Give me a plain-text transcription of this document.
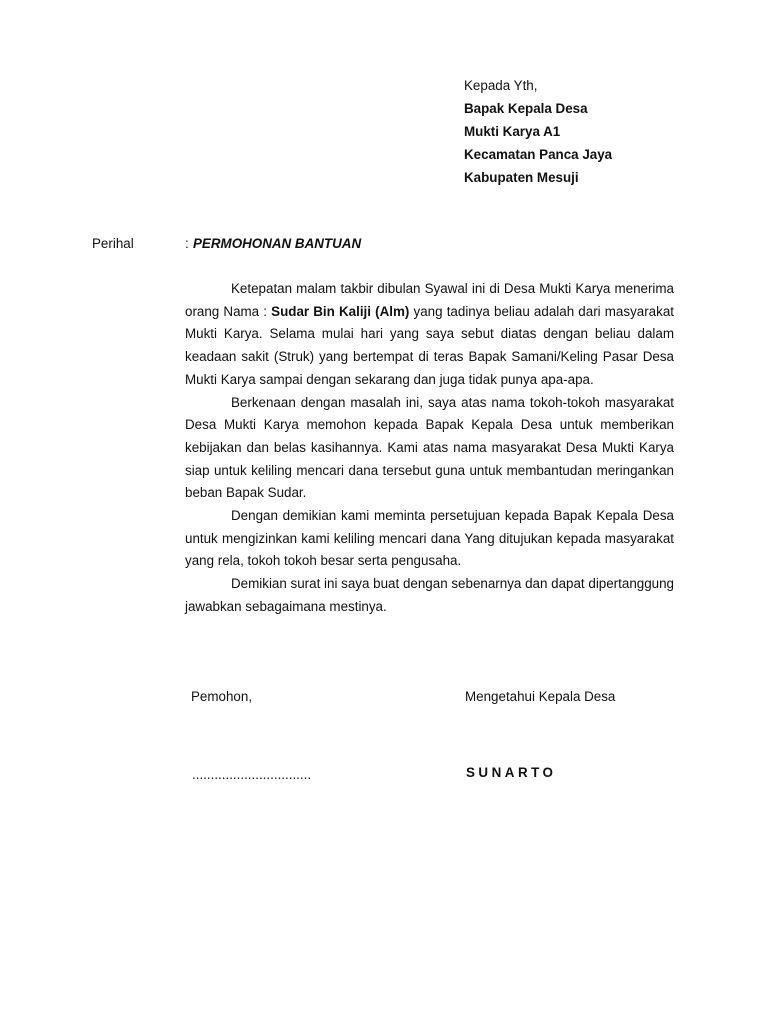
Kepada Yth,
Bapak Kepala Desa
Mukti Karya A1
Kecamatan Panca Jaya
Kabupaten Mesuji
Perihal	: PERMOHONAN BANTUAN

Ketepatan malam takbir dibulan Syawal ini di Desa Mukti Karya menerima orang Nama : Sudar Bin Kaliji (Alm) yang tadinya beliau adalah dari masyarakat Mukti Karya. Selama mulai hari yang saya sebut diatas dengan beliau dalam keadaan sakit (Struk) yang bertempat di teras Bapak Samani/Keling Pasar Desa Mukti Karya sampai dengan sekarang dan juga tidak punya apa-apa.

Berkenaan dengan masalah ini, saya atas nama tokoh-tokoh masyarakat Desa Mukti Karya memohon kepada Bapak Kepala Desa untuk memberikan kebijakan dan belas kasihannya. Kami atas nama masyarakat Desa Mukti Karya siap untuk keliling mencari dana tersebut guna untuk membantudan meringankan beban Bapak Sudar.

Dengan demikian kami meminta persetujuan kepada Bapak Kepala Desa untuk mengizinkan kami keliling mencari dana Yang ditujukan kepada masyarakat yang rela, tokoh tokoh besar serta pengusaha.

Demikian surat ini saya buat dengan sebenarnya dan dapat dipertanggung jawabkan sebagaimana mestinya.

Pemohon,	Mengetahui Kepala Desa
................................	SUNARTO
